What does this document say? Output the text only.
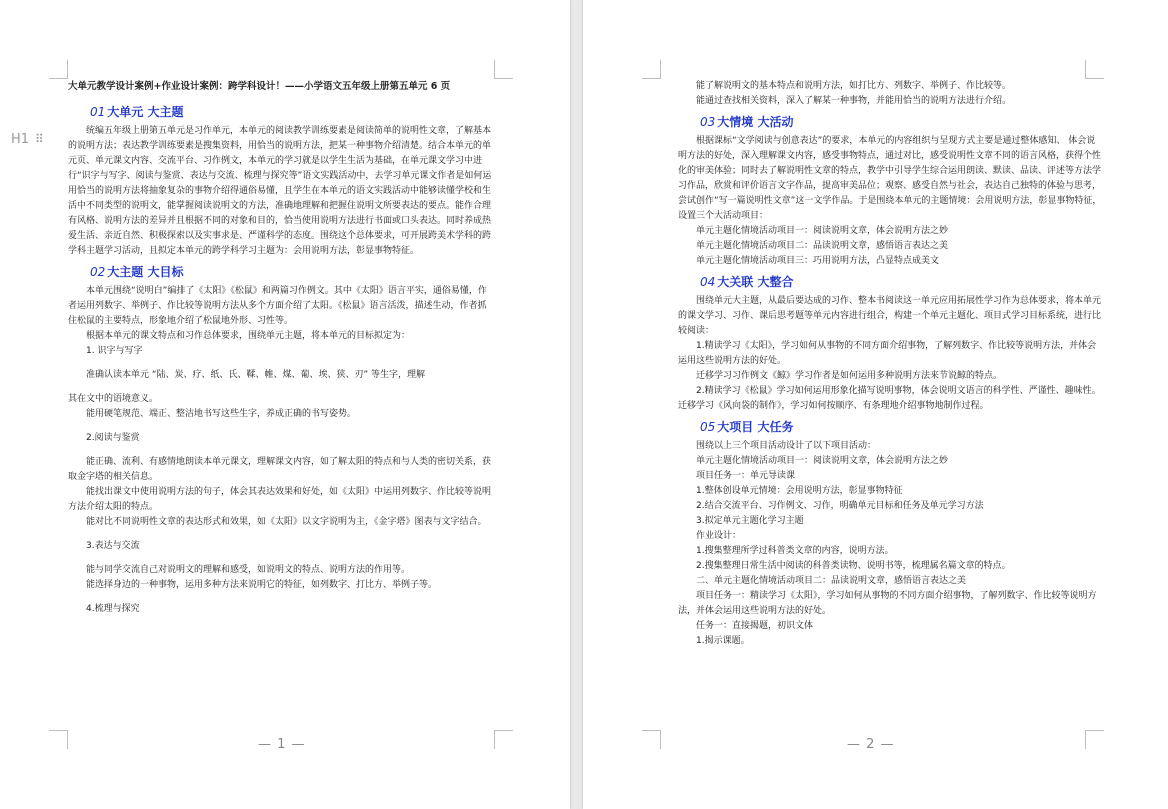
H1 ⠿
大单元教学设计案例+作业设计案例：跨学科设计！——小学语文五年级上册第五单元 6 页
01 大单元 大主题

统编五年级上册第五单元是习作单元，本单元的阅读教学训练要素是阅读简单的说明性文章，了解基本的说明方法；表达教学训练要素是搜集资料，用恰当的说明方法，把某一种事物介绍清楚。结合本单元的单元页、单元课文内容、交流平台、习作例文，本单元的学习就是以学生生活为基础，在单元课文学习中进行“识字与写字、阅读与鉴赏、表达与交流、梳理与探究等”语文实践活动中，去学习单元课文作者是如何运用恰当的说明方法将抽象复杂的事物介绍得通俗易懂，且学生在本单元的语文实践活动中能够读懂学校和生活中不同类型的说明文，能掌握阅读说明文的方法，准确地理解和把握住说明文所要表达的要点。能作合理有风格、说明方法的差异并且根据不同的对象和目的，恰当使用说明方法进行书面或口头表达。同时养成热爱生活、亲近自然、积极探索以及实事求是、严谨科学的态度。围绕这个总体要求，可开展跨美术学科的跨学科主题学习活动，且拟定本单元的跨学科学习主题为：会用说明方法，彰显事物特征。

02 大主题 大目标

本单元围绕“说明白”编排了《太阳》《松鼠》和两篇习作例文。其中《太阳》语言平实，通俗易懂，作者运用列数字、举例子、作比较等说明方法从多个方面介绍了太阳。《松鼠》语言活泼，描述生动，作者抓住松鼠的主要特点，形象地介绍了松鼠地外形、习性等。

根据本单元的课文特点和习作总体要求，围绕单元主题，将本单元的目标拟定为：

1. 识字与写字

准确认读本单元 “陆、炭、疗、纸、氏、鞣、帷、煤、葡、埃、狭、刃” 等生字，理解

其在文中的语境意义。

能用硬笔规范、端正、整洁地书写这些生字，养成正确的书写姿势。

2.阅读与鉴赏

能正确、流利、有感情地朗读本单元课文，理解课文内容，如了解太阳的特点和与人类的密切关系，获取金字塔的相关信息。

能找出课文中使用说明方法的句子，体会其表达效果和好处，如《太阳》中运用列数字、作比较等说明方法介绍太阳的特点。

能对比不同说明性文章的表达形式和效果，如《太阳》以文字说明为主，《金字塔》图表与文字结合。

3.表达与交流

能与同学交流自己对说明文的理解和感受，如说明文的特点、说明方法的作用等。

能选择身边的一种事物，运用多种方法来说明它的特征，如列数字、打比方、举例子等。

4.梳理与探究

— 1 —

能了解说明文的基本特点和说明方法，如打比方、列数字、举例子、作比较等。

能通过查找相关资料，深入了解某一种事物，并能用恰当的说明方法进行介绍。

03 大情境 大活动

根据课标“文学阅读与创意表达”的要求，本单元的内容组织与呈现方式主要是通过整体感知、 体会说明方法的好处，深入理解课文内容，感受事物特点，通过对比，感受说明性文章不同的语言风格，获得个性化的审美体验；同时去了解说明性文章的特点，教学中引导学生综合运用朗读、默读、品读、评述等方法学习作品，欣赏和评价语言文字作品，提高审美品位；观察、感受自然与社会，表达自己独特的体验与思考，尝试创作“写一篇说明性文章”这一文学作品。于是围绕本单元的主题情境：会用说明方法，彰显事物特征，设置三个大活动项目：

单元主题化情境活动项目一：阅读说明文章，体会说明方法之妙

单元主题化情境活动项目二：品读说明文章，感悟语言表达之美

单元主题化情境活动项目三：巧用说明方法，凸显特点成美文

04 大关联 大整合

围绕单元大主题，从最后要达成的习作、整本书阅读这一单元应用拓展性学习作为总体要求，将本单元的课文学习、习作、课后思考题等单元内容进行组合，构建一个单元主题化、项目式学习目标系统，进行比较阅读：

1.精读学习《太阳》，学习如何从事物的不同方面介绍事物，了解列数字、作比较等说明方法，并体会运用这些说明方法的好处。

迁移学习习作例文《鲸》学习作者是如何运用多种说明方法来节说鲸的特点。

2.精读学习《松鼠》学习如何运用形象化描写说明事物，体会说明文语言的科学性、严谨性、趣味性。迁移学习《风向袋的制作》，学习如何按顺序、有条理地介绍事物地制作过程。

05 大项目 大任务

围绕以上三个项目活动设计了以下项目活动：

单元主题化情境活动项目一：阅读说明文章，体会说明方法之妙

项目任务一：单元导读课

1.整体创设单元情境：会用说明方法，彰显事物特征

2.结合交流平台、习作例文、习作，明确单元目标和任务及单元学习方法

3.拟定单元主题化学习主题

作业设计：

1.搜集整理所学过科普类文章的内容，说明方法。

2.搜集整理日常生活中阅读的科普类读物、说明书等，梳理属名篇文章的特点。

二、单元主题化情境活动项目二：品读说明文章，感悟语言表达之美

项目任务一：精读学习《太阳》，学习如何从事物的不同方面介绍事物，了解列数字、作比较等说明方法，并体会运用这些说明方法的好处。

任务一：直接揭题，初识文体

1.揭示课题。

— 2 —
